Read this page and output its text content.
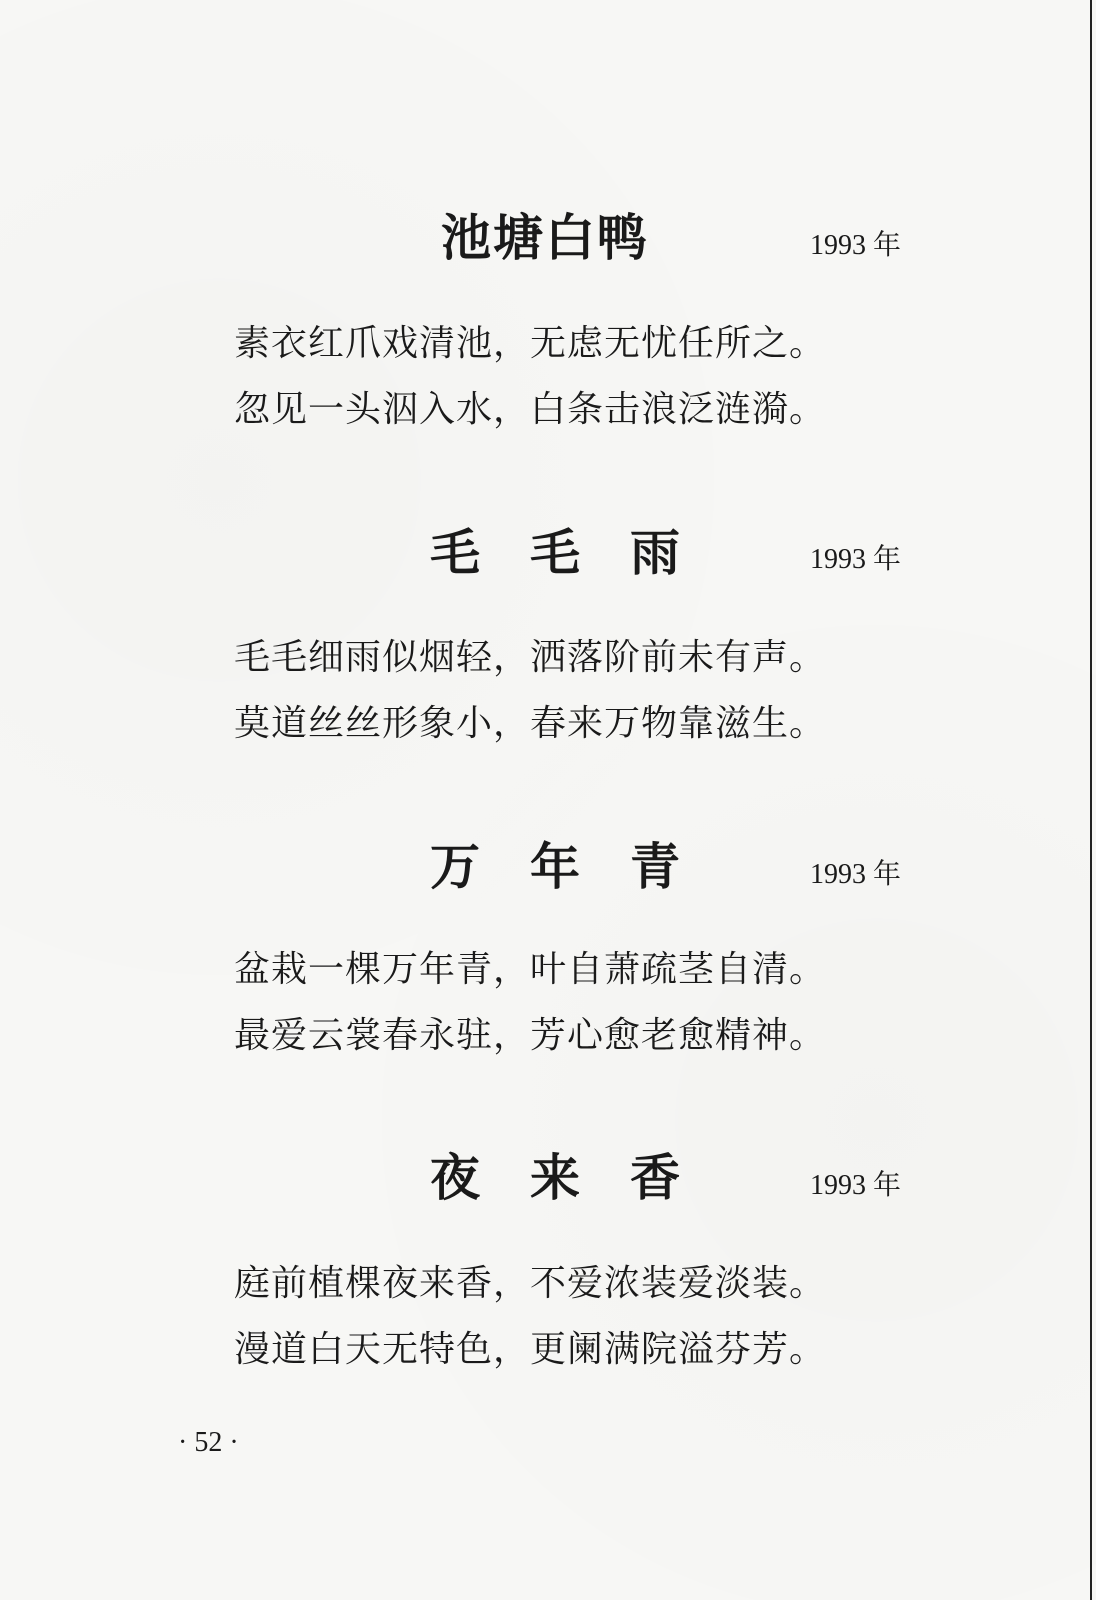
池塘白鸭	1993 年
素衣红爪戏清池，无虑无忧任所之。
忽见一头泅入水，白条击浪泛涟漪。
毛毛雨	1993 年
毛毛细雨似烟轻，洒落阶前未有声。
莫道丝丝形象小，春来万物靠滋生。
万年青	1993 年
盆栽一棵万年青，叶自萧疏茎自清。
最爱云裳春永驻，芳心愈老愈精神。
夜来香	1993 年
庭前植棵夜来香，不爱浓装爱淡装。
漫道白天无特色，更阑满院溢芬芳。
· 52 ·
